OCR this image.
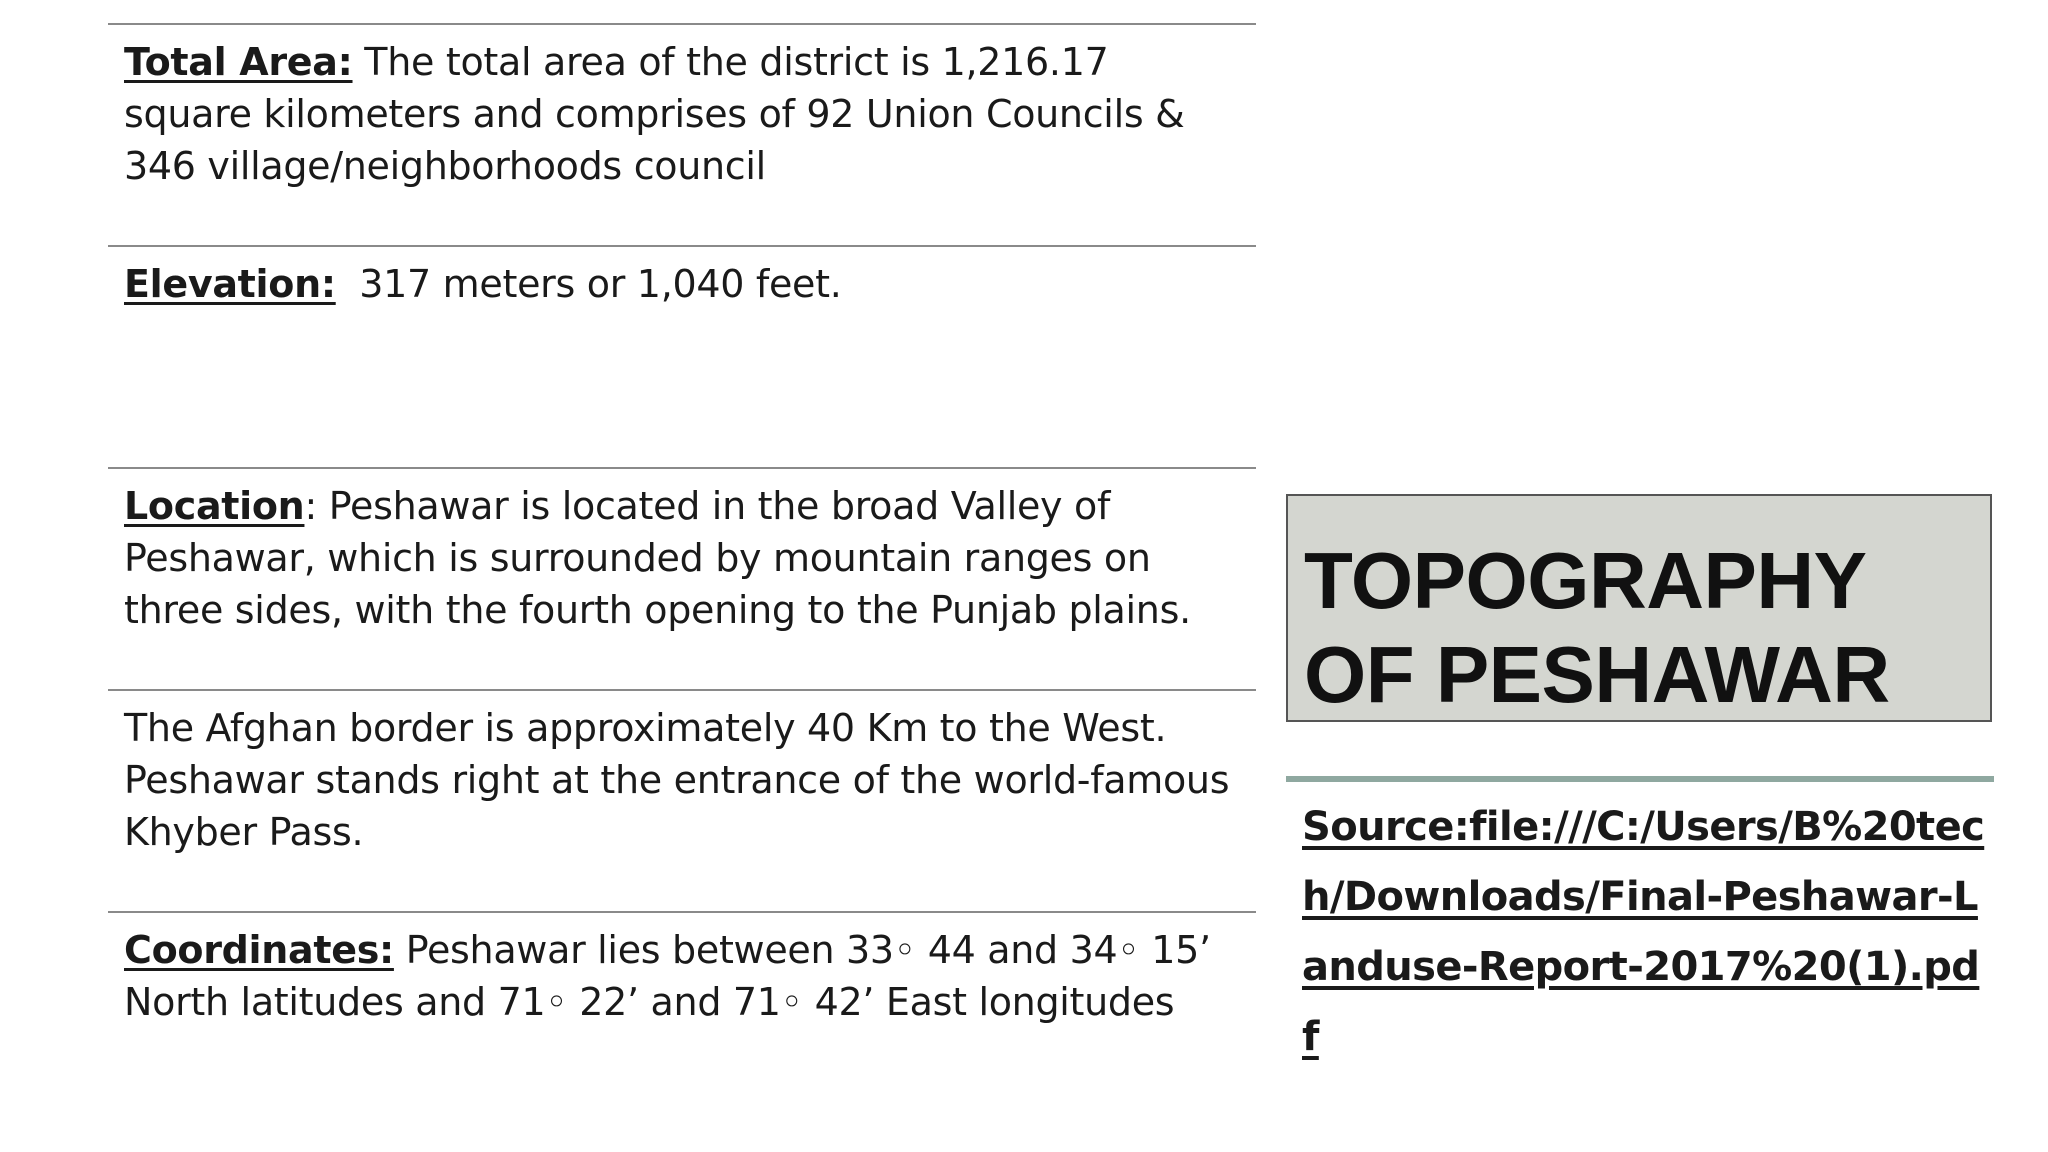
Total Area: The total area of the district is 1,216.17 square kilometers and comprises of 92 Union Councils & 346 village/neighborhoods council
Elevation:  317 meters or 1,040 feet.
Location: Peshawar is located in the broad Valley of Peshawar, which is surrounded by mountain ranges on three sides, with the fourth opening to the Punjab plains.
The Afghan border is approximately 40 Km to the West. Peshawar stands right at the entrance of the world-famous Khyber Pass.
Coordinates: Peshawar lies between 33◦ 44 and 34◦ 15’ North latitudes and 71◦ 22’ and 71◦ 42’ East longitudes
TOPOGRAPHY
OF PESHAWAR
Source:file:///C:/Users/B%20tech/Downloads/Final-Peshawar-Landuse-Report-2017%20(1).pdf
